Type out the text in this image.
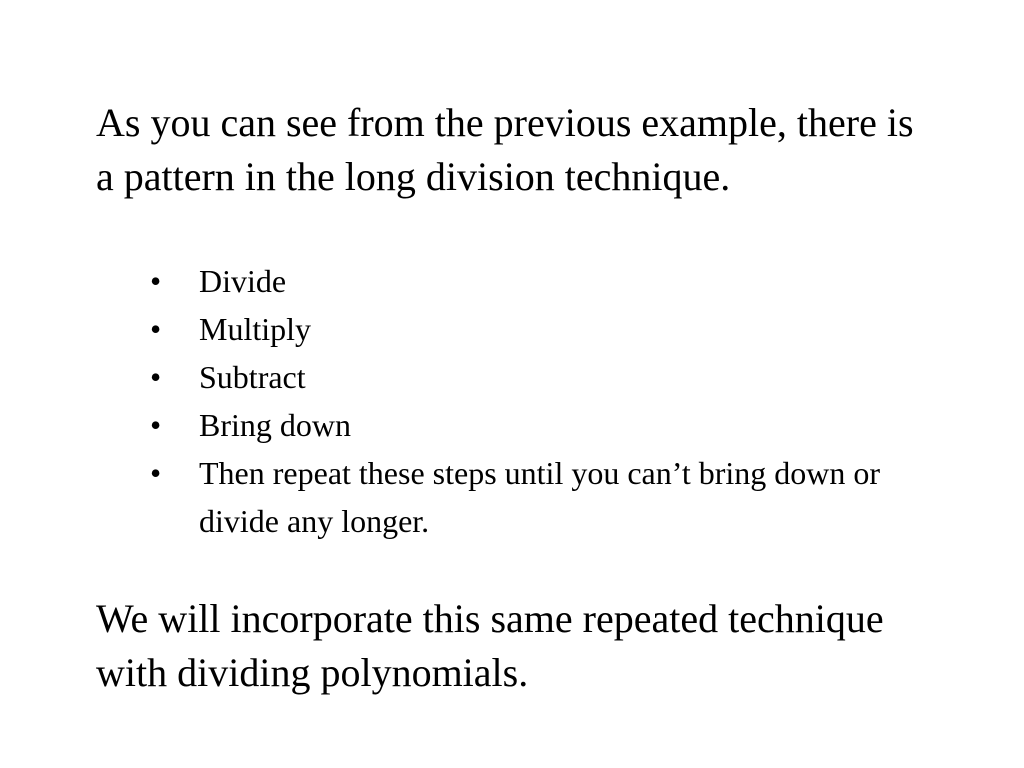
As you can see from the previous example, there is a pattern in the long division technique.

• Divide
• Multiply
• Subtract
• Bring down
• Then repeat these steps until you can’t bring down or divide any longer.

We will incorporate this same repeated technique with dividing polynomials.
